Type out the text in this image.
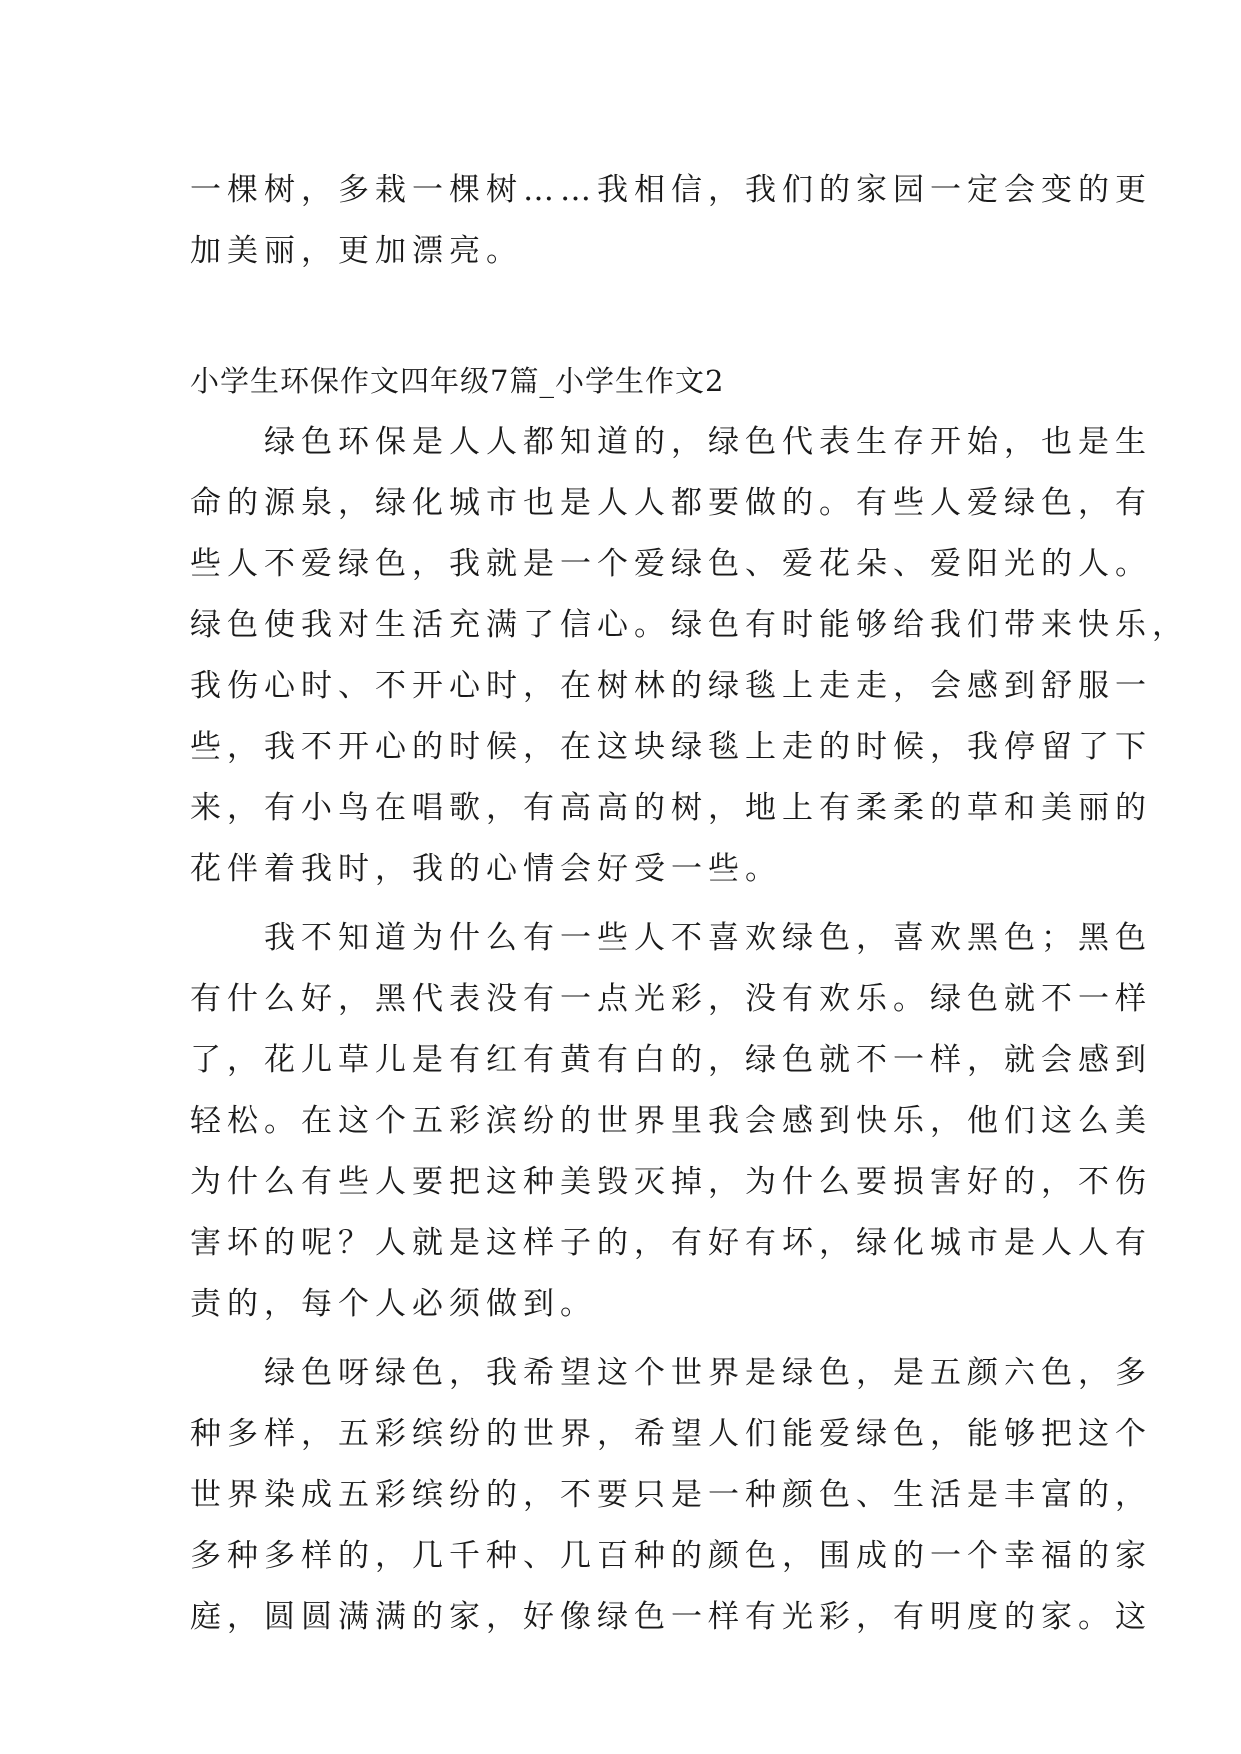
一棵树，多栽一棵树……我相信，我们的家园一定会变的更
加美丽，更加漂亮。
小学生环保作文四年级7篇_小学生作文2
　　绿色环保是人人都知道的，绿色代表生存开始，也是生
命的源泉，绿化城市也是人人都要做的。有些人爱绿色，有
些人不爱绿色，我就是一个爱绿色、爱花朵、爱阳光的人。
绿色使我对生活充满了信心。绿色有时能够给我们带来快乐，
我伤心时、不开心时，在树林的绿毯上走走，会感到舒服一
些，我不开心的时候，在这块绿毯上走的时候，我停留了下
来，有小鸟在唱歌，有高高的树，地上有柔柔的草和美丽的
花伴着我时，我的心情会好受一些。
　　我不知道为什么有一些人不喜欢绿色，喜欢黑色；黑色
有什么好，黑代表没有一点光彩，没有欢乐。绿色就不一样
了，花儿草儿是有红有黄有白的，绿色就不一样，就会感到
轻松。在这个五彩滨纷的世界里我会感到快乐，他们这么美
为什么有些人要把这种美毁灭掉，为什么要损害好的，不伤
害坏的呢？人就是这样子的，有好有坏，绿化城市是人人有
责的，每个人必须做到。
　　绿色呀绿色，我希望这个世界是绿色，是五颜六色，多
种多样，五彩缤纷的世界，希望人们能爱绿色，能够把这个
世界染成五彩缤纷的，不要只是一种颜色、生活是丰富的，
多种多样的，几千种、几百种的颜色，围成的一个幸福的家
庭，圆圆满满的家，好像绿色一样有光彩，有明度的家。这
